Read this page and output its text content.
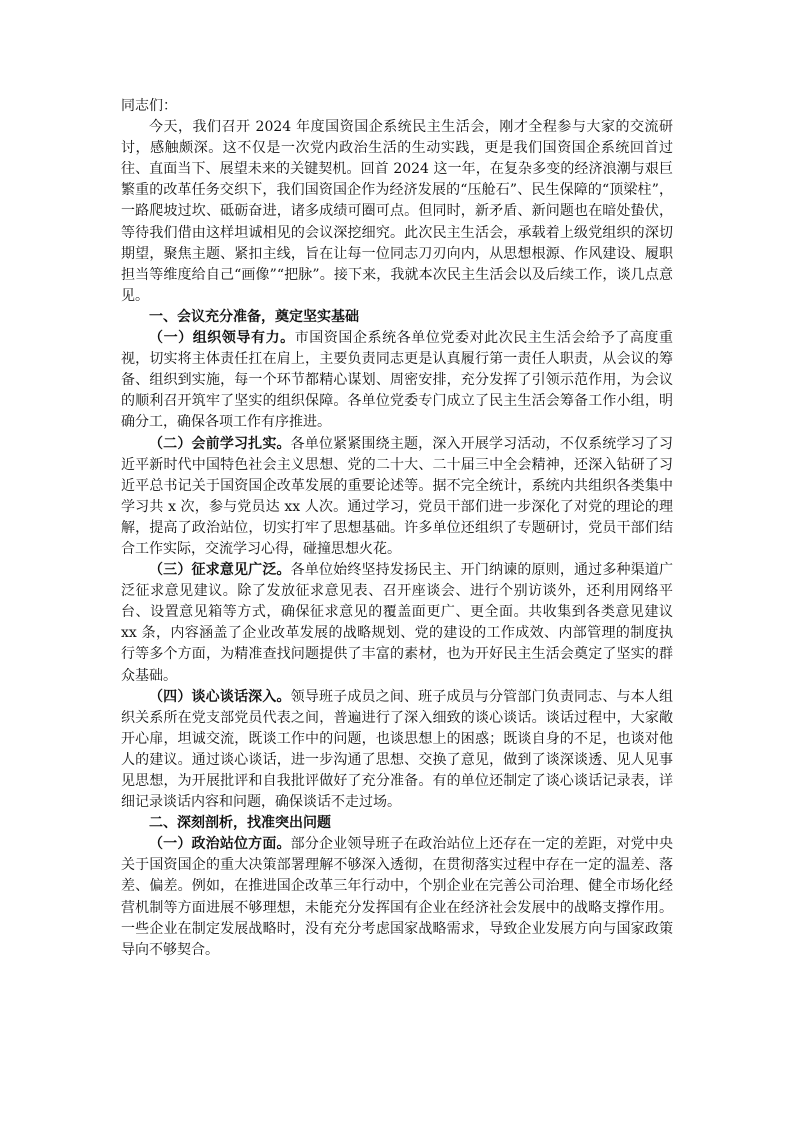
同志们：

今天，我们召开 2024 年度国资国企系统民主生活会，刚才全程参与大家的交流研讨，感触颇深。这不仅是一次党内政治生活的生动实践，更是我们国资国企系统回首过往、直面当下、展望未来的关键契机。回首 2024 这一年，在复杂多变的经济浪潮与艰巨繁重的改革任务交织下，我们国资国企作为经济发展的“压舱石”、民生保障的“顶梁柱”，一路爬坡过坎、砥砺奋进，诸多成绩可圈可点。但同时，新矛盾、新问题也在暗处蛰伏，等待我们借由这样坦诚相见的会议深挖细究。此次民主生活会，承载着上级党组织的深切期望，聚焦主题、紧扣主线，旨在让每一位同志刀刃向内，从思想根源、作风建设、履职担当等维度给自己“画像”“把脉”。接下来，我就本次民主生活会以及后续工作，谈几点意见。

一、会议充分准备，奠定坚实基础

（一）组织领导有力。市国资国企系统各单位党委对此次民主生活会给予了高度重视，切实将主体责任扛在肩上，主要负责同志更是认真履行第一责任人职责，从会议的筹备、组织到实施，每一个环节都精心谋划、周密安排，充分发挥了引领示范作用，为会议的顺利召开筑牢了坚实的组织保障。各单位党委专门成立了民主生活会筹备工作小组，明确分工，确保各项工作有序推进。

（二）会前学习扎实。各单位紧紧围绕主题，深入开展学习活动，不仅系统学习了习近平新时代中国特色社会主义思想、党的二十大、二十届三中全会精神，还深入钻研了习近平总书记关于国资国企改革发展的重要论述等。据不完全统计，系统内共组织各类集中学习共 x 次，参与党员达 xx 人次。通过学习，党员干部们进一步深化了对党的理论的理解，提高了政治站位，切实打牢了思想基础。许多单位还组织了专题研讨，党员干部们结合工作实际，交流学习心得，碰撞思想火花。

（三）征求意见广泛。各单位始终坚持发扬民主、开门纳谏的原则，通过多种渠道广泛征求意见建议。除了发放征求意见表、召开座谈会、进行个别访谈外，还利用网络平台、设置意见箱等方式，确保征求意见的覆盖面更广、更全面。共收集到各类意见建议 xx 条，内容涵盖了企业改革发展的战略规划、党的建设的工作成效、内部管理的制度执行等多个方面，为精准查找问题提供了丰富的素材，也为开好民主生活会奠定了坚实的群众基础。

（四）谈心谈话深入。领导班子成员之间、班子成员与分管部门负责同志、与本人组织关系所在党支部党员代表之间，普遍进行了深入细致的谈心谈话。谈话过程中，大家敞开心扉，坦诚交流，既谈工作中的问题，也谈思想上的困惑；既谈自身的不足，也谈对他人的建议。通过谈心谈话，进一步沟通了思想、交换了意见，做到了谈深谈透、见人见事见思想，为开展批评和自我批评做好了充分准备。有的单位还制定了谈心谈话记录表，详细记录谈话内容和问题，确保谈话不走过场。

二、深刻剖析，找准突出问题

（一）政治站位方面。部分企业领导班子在政治站位上还存在一定的差距，对党中央关于国资国企的重大决策部署理解不够深入透彻，在贯彻落实过程中存在一定的温差、落差、偏差。例如，在推进国企改革三年行动中，个别企业在完善公司治理、健全市场化经营机制等方面进展不够理想，未能充分发挥国有企业在经济社会发展中的战略支撑作用。一些企业在制定发展战略时，没有充分考虑国家战略需求，导致企业发展方向与国家政策导向不够契合。
